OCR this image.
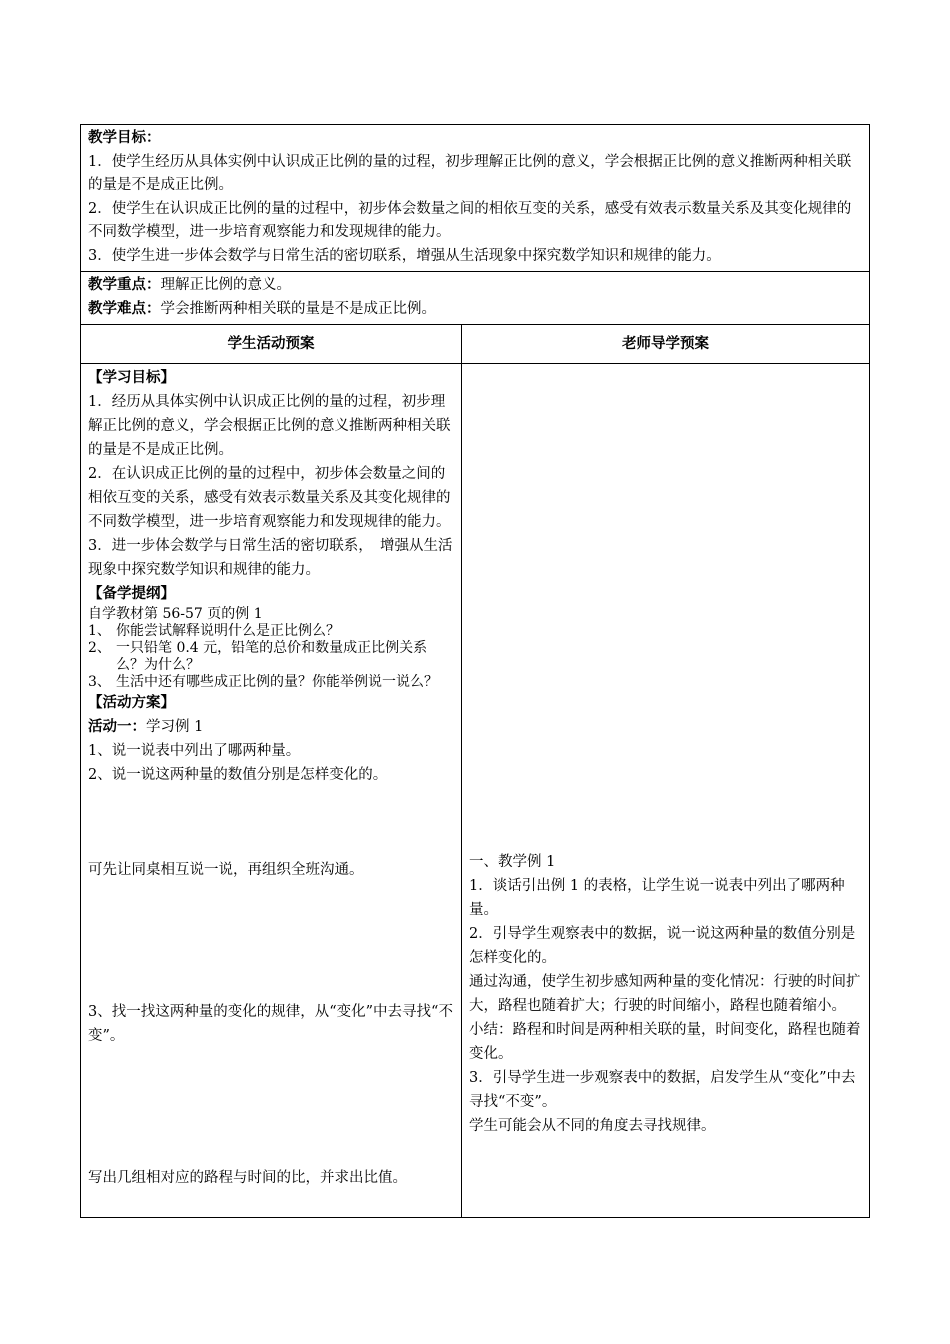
教学目标：
1．使学生经历从具体实例中认识成正比例的量的过程，初步理解正比例的意义，学会根据正比例的意义推断两种相关联的量是不是成正比例。
2．使学生在认识成正比例的量的过程中，初步体会数量之间的相依互变的关系，感受有效表示数量关系及其变化规律的不同数学模型，进一步培育观察能力和发现规律的能力。
3．使学生进一步体会数学与日常生活的密切联系，增强从生活现象中探究数学知识和规律的能力。
教学重点：理解正比例的意义。
教学难点：学会推断两种相关联的量是不是成正比例。
学生活动预案	老师导学预案
【学习目标】
1．经历从具体实例中认识成正比例的量的过程，初步理解正比例的意义，学会根据正比例的意义推断两种相关联的量是不是成正比例。
2．在认识成正比例的量的过程中，初步体会数量之间的相依互变的关系，感受有效表示数量关系及其变化规律的不同数学模型，进一步培育观察能力和发现规律的能力。　　　　　　　3．进一步体会数学与日常生活的密切联系，　增强从生活现象中探究数学知识和规律的能力。
【备学提纲】
自学教材第 56-57 页的例 1
1、 你能尝试解释说明什么是正比例么？
2、 一只铅笔 0.4 元，铅笔的总价和数量成正比例关系么？为什么？
3、 生活中还有哪些成正比例的量？你能举例说一说么？
【活动方案】
活动一：学习例 1
1、说一说表中列出了哪两种量。
2、说一说这两种量的数值分别是怎样变化的。
可先让同桌相互说一说，再组织全班沟通。
3、找一找这两种量的变化的规律，从“变化”中去寻找“不变”。
写出几组相对应的路程与时间的比，并求出比值。
一、教学例 1
1．谈话引出例 1 的表格，让学生说一说表中列出了哪两种量。
2．引导学生观察表中的数据，说一说这两种量的数值分别是怎样变化的。
通过沟通，使学生初步感知两种量的变化情况：行驶的时间扩大，路程也随着扩大；行驶的时间缩小，路程也随着缩小。
小结：路程和时间是两种相关联的量，时间变化，路程也随着变化。
3．引导学生进一步观察表中的数据，启发学生从“变化”中去寻找“不变”。
学生可能会从不同的角度去寻找规律。
